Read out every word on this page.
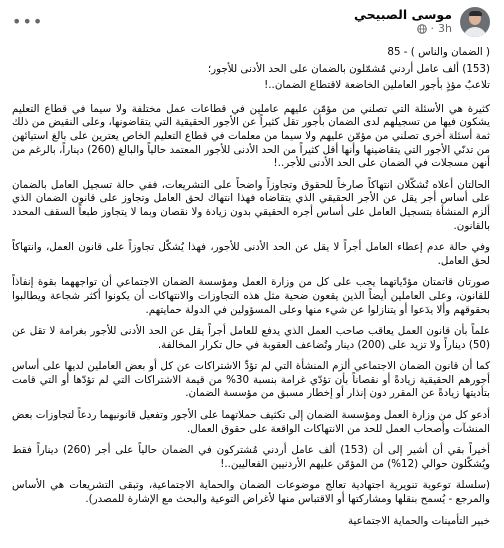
موسى الصبيحي
3h
·
•••

( الضمان والناس ) - 85

(153) ألف عامل أردني مُشمّلون بالضمان على الحد الأدنى للأجور؛

تلاعبٌ مؤذٍ بأجور العاملين الخاضعة لاقتطاع الضمان..!

كثيرة هي الأسئلة التي تصلني من مؤمّن عليهم عاملين في قطاعات عمل مختلفة ولا سيما في قطاع التعليم يشكون فيها من تسجيلهم لدى الضمان بأجور تقل كثيراً عن الأجور الحقيقية التي يتقاضونها، وعلى النقيض من ذلك ثمة أسئلة أخرى تصلني من مؤمّن عليهم ولا سيما من معلمات في قطاع التعليم الخاص يعترين على بالغ استيائهن من تدنّي الأجور التي يتقاضينها وأنها أقل كثيراً من الحد الأدنى للأجور المعتمد حالياً والبالغ (260) ديناراً، بالرغم من أنهن مسجلات في الضمان على الحد الأدنى للأجر..!

الحالتان أعلاه تُشكّلان انتهاكاً صارخاً للحقوق وتجاوزاً واضحاً على التشريعات، ففي حالة تسجيل العامل بالضمان على أساس أجر يقل عن الأجر الحقيقي الذي يتقاضاه فهذا انتهاك لحق العامل وتجاوز على قانون الضمان الذي ألزم المنشأة بتسجيل العامل على أساس أجره الحقيقي بدون زيادة ولا نقصان وبما لا يتجاوز طبعاً السقف المحدد بالقانون.

وفي حالة عدم إعطاء العامل أجراً لا يقل عن الحد الأدنى للأجور، فهذا يُشكّل تجاوزاً على قانون العمل، وانتهاكاً لحق العامل.

صورتان قاتمتان مؤدّياتهما يجب على كل من وزارة العمل ومؤسسة الضمان الاجتماعي أن تواجههما بقوة إنفاذاً للقانون، وعلى العاملين أيضاً الذين يقعون ضحية مثل هذه التجاوزات والانتهاكات أن يكونوا أكثر شجاعة ويطالبوا بحقوقهم وألا يدَعوا أو يتنازلوا عن شيء منها وعلى المسؤولين في الدولة حمايتهم.

علماً بأن قانون العمل يعاقب صاحب العمل الذي يدفع للعامل أجراً يقل عن الحد الأدنى للأجور بغرامة لا تقل عن (50) ديناراً ولا تزيد على (200) دينار وتُضاعف العقوبة في حال تكرار المخالفة.

كما أن قانون الضمان الاجتماعي ألزم المنشأة التي لم تؤدِّ الاشتراكات عن كل أو بعض العاملين لديها على أساس أجورهم الحقيقية زيادةً أو نقصاناً بأن تؤدّي غرامة بنسبة 30% من قيمة الاشتراكات التي لم تؤدّها أو التي قامت بتأديتها زيادةً عن المقرر دون إنذار أو إخطار مسبق من مؤسسة الضمان.

أدعو كل من وزارة العمل ومؤسسة الضمان إلى تكثيف حملاتهما على الأجور وتفعيل قانونيهما ردعاً لتجاوزات بعض المنشآت وأصحاب العمل للحد من الانتهاكات الواقعة على حقوق العمال.

أخيراً بقي أن أشير إلى أن (153) ألف عامل أردني مُشتركون في الضمان حالياً على أجر (260) ديناراً فقط ويُشكّلون حوالي (12%) من المؤمّن عليهم الأردنيين الفعاليين..!

(سلسلة توعوية تنويرية اجتهادية تعالج موضوعات الضمان والحماية الاجتماعية، وتبقى التشريعات هي الأساس والمرجع - يُسمح بنقلها ومشاركتها أو الاقتباس منها لأغراض التوعية والبحث مع الإشارة للمصدر).

خبير التأمينات والحماية الاجتماعية
